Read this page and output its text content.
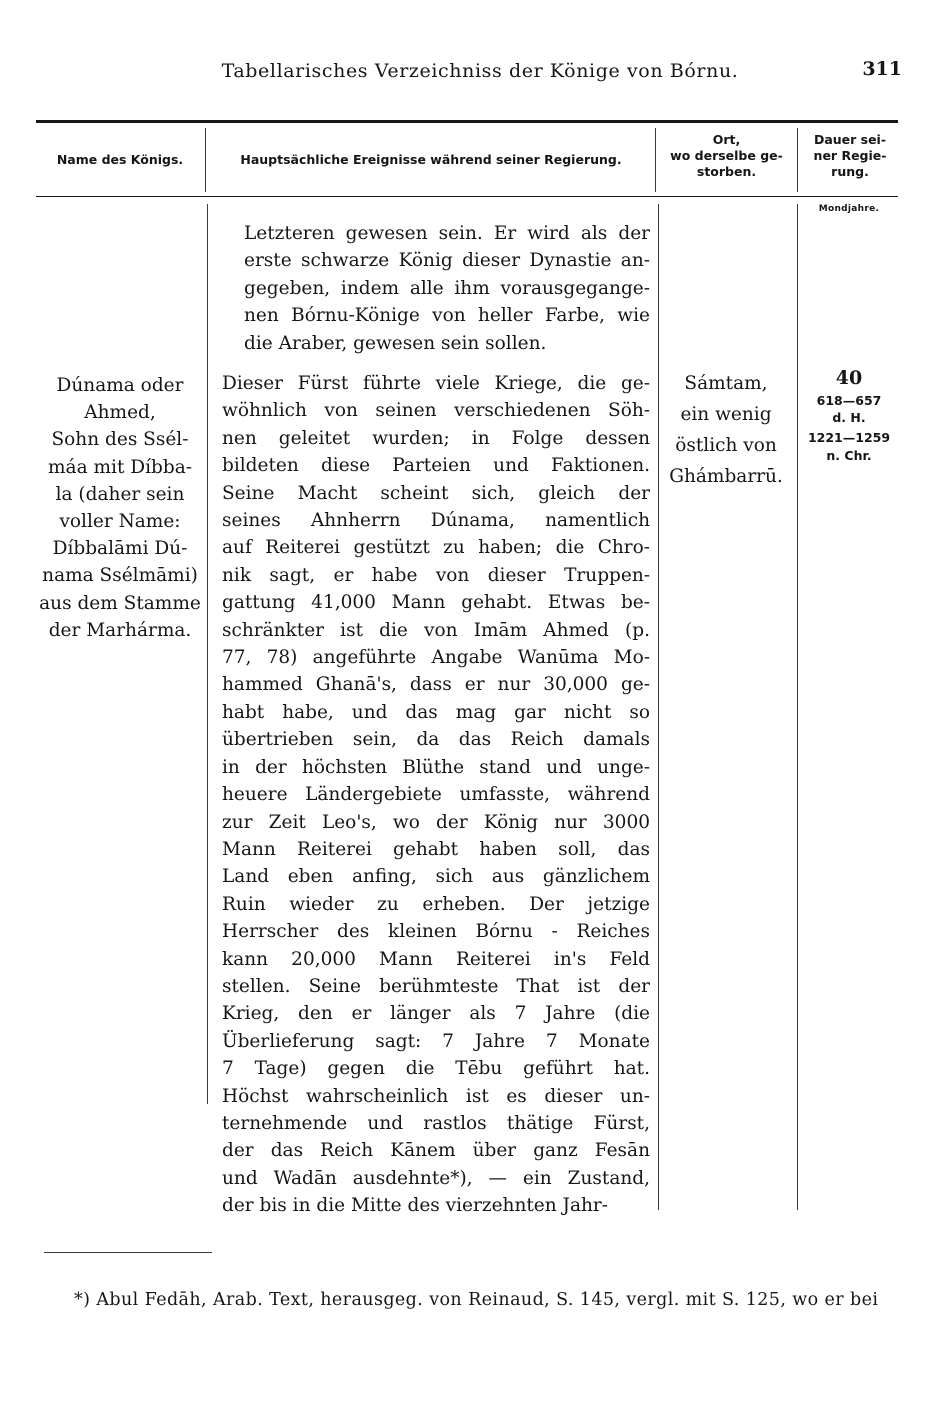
Tabellarisches Verzeichniss der Könige von Bórnu.	311
Name des Königs.	Hauptsächliche Ereignisse während seiner Regierung.
Ort,
wo derselbe ge-
storben.
Dauer sei-
ner Regie-
rung.
Mondjahre.
Letzteren gewesen sein. Er wird als der
erste schwarze König dieser Dynastie an-
gegeben, indem alle ihm vorausgegange-
nen Bórnu-Könige von heller Farbe, wie
die Araber, gewesen sein sollen.
Dúnama oder
Ahmed,
Sohn des Ssél-
máa mit Díbba-
la (daher sein
voller Name:
Díbbalāmi Dú-
nama Ssélmāmi)
aus dem Stamme
der Marhárma.
Dieser Fürst führte viele Kriege, die ge-
wöhnlich von seinen verschiedenen Söh-
nen geleitet wurden; in Folge dessen
bildeten diese Parteien und Faktionen.
Seine Macht scheint sich, gleich der
seines Ahnherrn Dúnama, namentlich
auf Reiterei gestützt zu haben; die Chro-
nik sagt, er habe von dieser Truppen-
gattung 41,000 Mann gehabt. Etwas be-
schränkter ist die von Imām Ahmed (p.
77, 78) angeführte Angabe Wanūma Mo-
hammed Ghanā's, dass er nur 30,000 ge-
habt habe, und das mag gar nicht so
übertrieben sein, da das Reich damals
in der höchsten Blüthe stand und unge-
heuere Ländergebiete umfasste, während
zur Zeit Leo's, wo der König nur 3000
Mann Reiterei gehabt haben soll, das
Land eben anfing, sich aus gänzlichem
Ruin wieder zu erheben. Der jetzige
Herrscher des kleinen Bórnu - Reiches
kann 20,000 Mann Reiterei in's Feld
stellen. Seine berühmteste That ist der
Krieg, den er länger als 7 Jahre (die
Überlieferung sagt: 7 Jahre 7 Monate
7 Tage) gegen die Tēbu geführt hat.
Höchst wahrscheinlich ist es dieser un-
ternehmende und rastlos thätige Fürst,
der das Reich Kānem über ganz Fesān
und Wadān ausdehnte*), — ein Zustand,
der bis in die Mitte des vierzehnten Jahr-
Sámtam,
ein wenig
östlich von
Ghámbarrū.
40
618—657
d. H.
1221—1259
n. Chr.
*) Abul Fedāh, Arab. Text, herausgeg. von Reinaud, S. 145, vergl. mit S. 125, wo er bei
